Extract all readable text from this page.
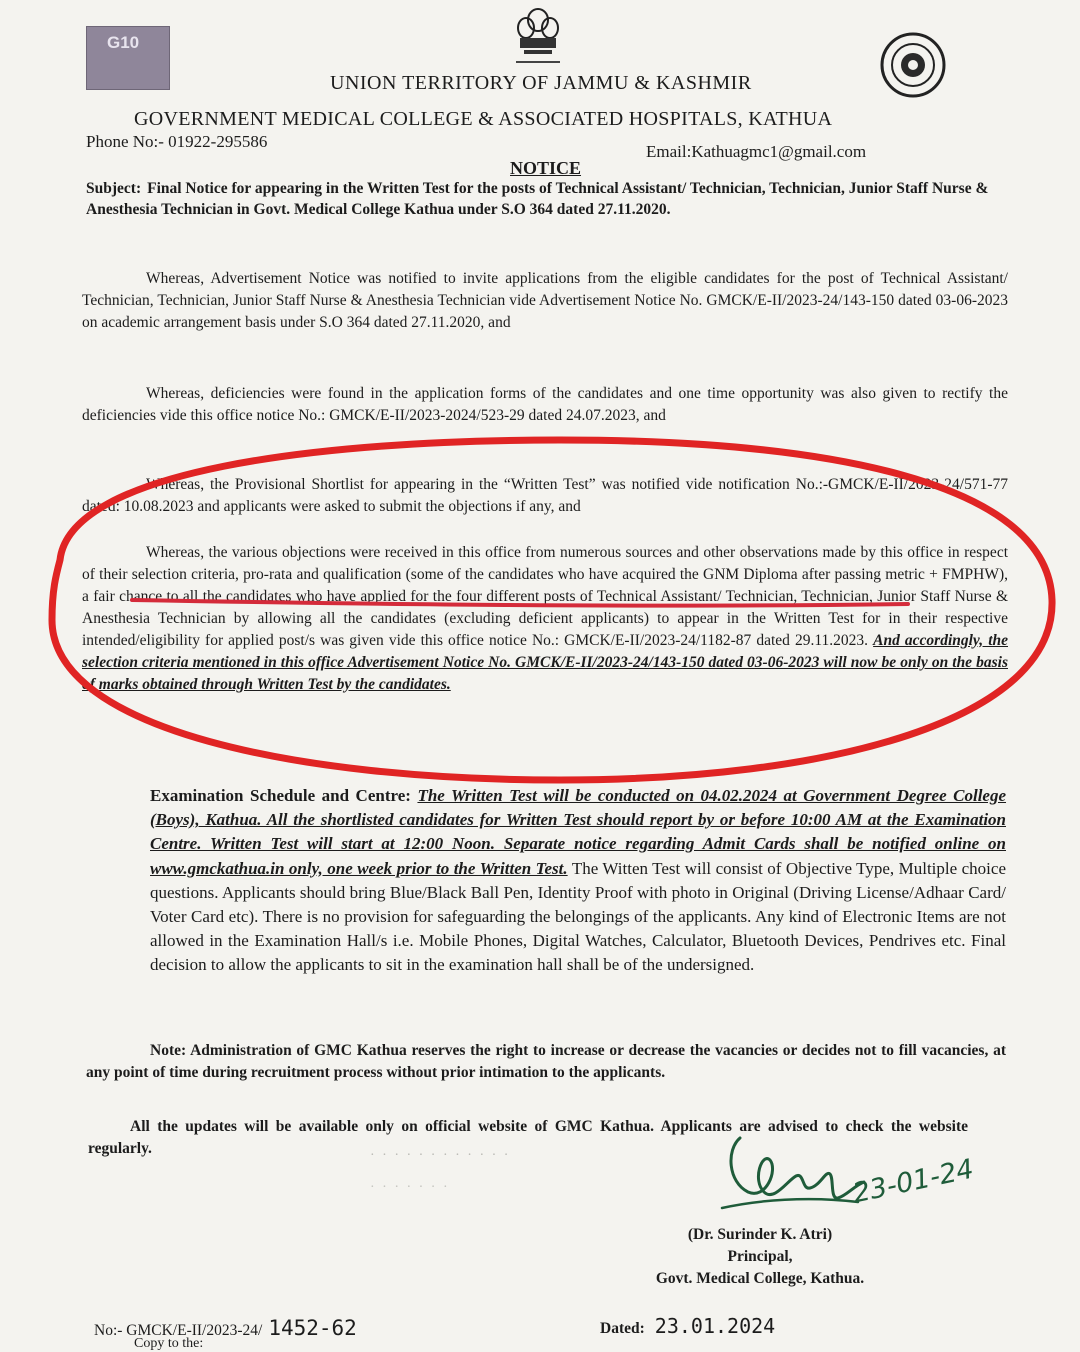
G10
UNION TERRITORY OF JAMMU & KASHMIR
GOVERNMENT MEDICAL COLLEGE & ASSOCIATED HOSPITALS, KATHUA
Phone No:- 01922-295586
Email:Kathuagmc1@gmail.com
NOTICE
Subject: Final Notice for appearing in the Written Test for the posts of Technical Assistant/ Technician, Technician, Junior Staff Nurse & Anesthesia Technician in Govt. Medical College Kathua under S.O 364 dated 27.11.2020.
Whereas, Advertisement Notice was notified to invite applications from the eligible candidates for the post of Technical Assistant/ Technician, Technician, Junior Staff Nurse & Anesthesia Technician vide Advertisement Notice No. GMCK/E-II/2023-24/143-150 dated 03-06-2023 on academic arrangement basis under S.O 364 dated 27.11.2020, and
Whereas, deficiencies were found in the application forms of the candidates and one time opportunity was also given to rectify the deficiencies vide this office notice No.: GMCK/E-II/2023-2024/523-29 dated 24.07.2023, and
Whereas, the Provisional Shortlist for appearing in the “Written Test” was notified vide notification No.:-GMCK/E-II/2023-24/571-77 dated: 10.08.2023 and applicants were asked to submit the objections if any, and
Whereas, the various objections were received in this office from numerous sources and other observations made by this office in respect of their selection criteria, pro-rata and qualification (some of the candidates who have acquired the GNM Diploma after passing metric + FMPHW), a fair chance to all the candidates who have applied for the four different posts of Technical Assistant/ Technician, Technician, Junior Staff Nurse & Anesthesia Technician by allowing all the candidates (excluding deficient applicants) to appear in the Written Test for in their respective intended/eligibility for applied post/s was given vide this office notice No.: GMCK/E-II/2023-24/1182-87 dated 29.11.2023. And accordingly, the selection criteria mentioned in this office Advertisement Notice No. GMCK/E-II/2023-24/143-150 dated 03-06-2023 will now be only on the basis of marks obtained through Written Test by the candidates.
Examination Schedule and Centre: The Written Test will be conducted on 04.02.2024 at Government Degree College (Boys), Kathua. All the shortlisted candidates for Written Test should report by or before 10:00 AM at the Examination Centre. Written Test will start at 12:00 Noon. Separate notice regarding Admit Cards shall be notified online on www.gmckathua.in only, one week prior to the Written Test. The Witten Test will consist of Objective Type, Multiple choice questions. Applicants should bring Blue/Black Ball Pen, Identity Proof with photo in Original (Driving License/Adhaar Card/ Voter Card etc). There is no provision for safeguarding the belongings of the applicants. Any kind of Electronic Items are not allowed in the Examination Hall/s i.e. Mobile Phones, Digital Watches, Calculator, Bluetooth Devices, Pendrives etc. Final decision to allow the applicants to sit in the examination hall shall be of the undersigned.
Note: Administration of GMC Kathua reserves the right to increase or decrease the vacancies or decides not to fill vacancies, at any point of time during recruitment process without prior intimation to the applicants.
All the updates will be available only on official website of GMC Kathua. Applicants are advised to check the website regularly.	· · · · · · · · · · · ·
· · · · · · ·	23-01-24
(Dr. Surinder K. Atri)
Principal,
Govt. Medical College, Kathua.
No:- GMCK/E-II/2023-24/ 1452-62	Dated: 23.01.2024
Copy to the:
